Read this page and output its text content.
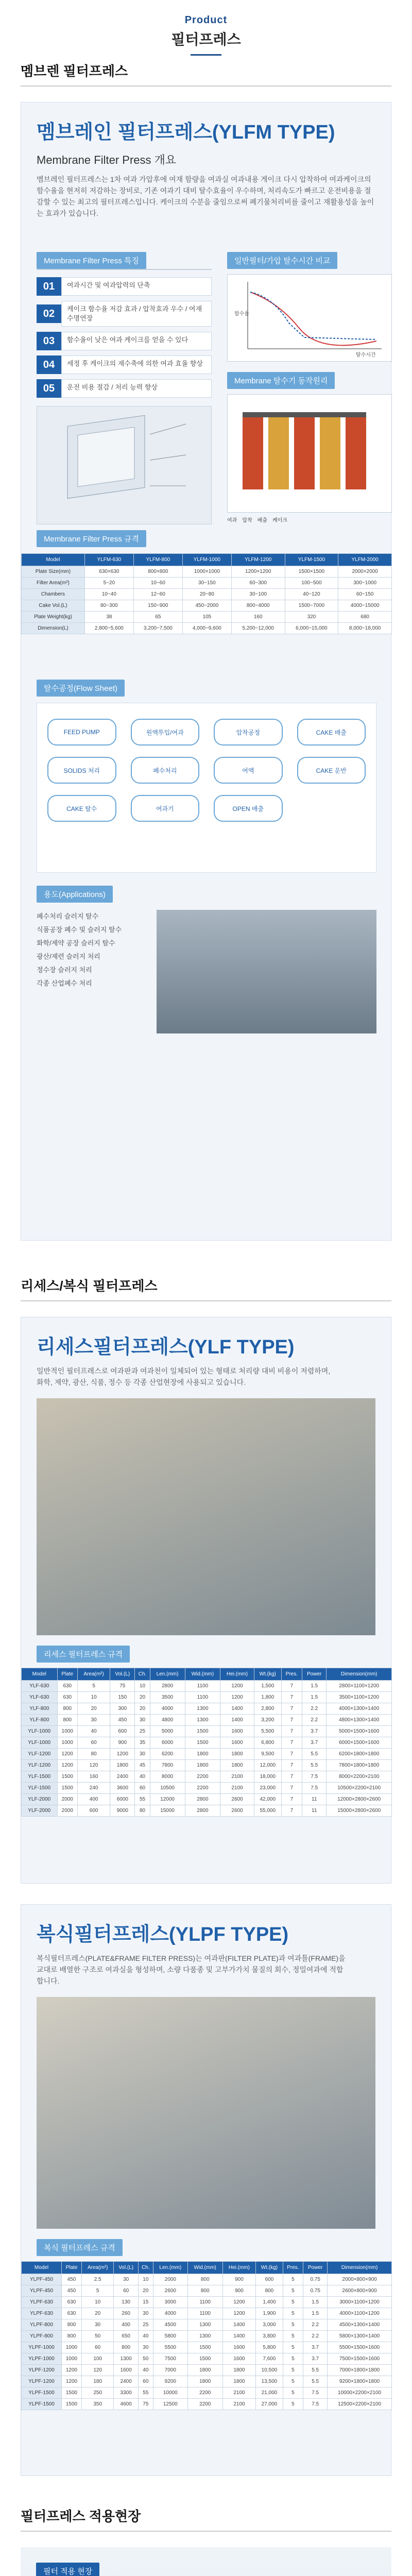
Product
필터프레스
멤브렌 필터프레스
멤브레인 필터프레스(YLFM TYPE)
Membrane Filter Press 개요
멤브레인 필터프레스는 1차 여과 가압후에 여재 함량을 여과실 여과내용 게이크 다시 압착하여 여과케이크의 함수율을 현저히 저감하는 장비로, 기존 여과기 대비 탈수효율이 우수하며, 처리속도가 빠르고 운전비용을 절감할 수 있는 최고의 필터프레스입니다. 케이크의 수분을 줄임으로써 폐기물처리비를 줄이고 재활용성을 높이는 효과가 있습니다.
Membrane Filter Press 특징
01	여과시간 및 여과압력의 단축
02	케이크 함수율 저감 효과 / 압착효과 우수 / 여재 수명연장
03	함수율이 낮은 여과 케이크를 얻을 수 있다
04	세정 후 케이크의 재수축에 의한 여과 효율 향상
05	운전 비용 절감 / 처리 능력 향상
일반필터/가압 탈수시간 비교
함수율
탈수시간
Membrane 탈수기 동작원리
여과 압착 배출 케이크
Membrane Filter Press 규격
Model	YLFM-630	YLFM-800	YLFM-1000	YLFM-1200	YLFM-1500	YLFM-2000
Plate Size(mm)	630×630	800×800	1000×1000	1200×1200	1500×1500	2000×2000
Filter Area(m²)	5~20	10~60	30~150	60~300	100~500	300~1000
Chambers	10~40	12~60	20~80	30~100	40~120	60~150
Cake Vol.(L)	80~300	150~900	450~2000	800~4000	1500~7000	4000~15000
Plate Weight(kg)	38	65	105	160	320	680
Dimension(L)	2,800~5,600	3,200~7,500	4,000~9,600	5,200~12,000	6,000~15,000	8,000~18,000
탈수공정(Flow Sheet)
FEED PUMP	원액투입/여과	압착공정	CAKE 배출
SOLIDS 처리	폐수처리	여액	CAKE 운반
CAKE 탈수	여과기	OPEN 배출
용도(Applications)
폐수처리 슬러지 탈수
식품공장 폐수 및 슬러지 탈수
화학/제약 공장 슬러지 탈수
광산/제련 슬러지 처리
정수장 슬러지 처리
각종 산업폐수 처리
리세스/복식 필터프레스
리세스필터프레스(YLF TYPE)
일반적인 필터프레스로 여과판과 여과천이 일체되어 있는 형태로 처리량 대비 비용이 저렴하며, 화학, 제약, 광산, 식품, 정수 등 각종 산업현장에 사용되고 있습니다.
리세스 필터프레스 규격
Model	Plate	Area(m²)	Vol.(L)	Ch.	Len.(mm)	Wid.(mm)	Hei.(mm)	Wt.(kg)	Pres.	Power	Dimension(mm)
YLF-630	630	5	75	10	2800	1100	1200	1,500	7	1.5	2800×1100×1200
YLF-630	630	10	150	20	3500	1100	1200	1,800	7	1.5	3500×1100×1200
YLF-800	800	20	300	20	4000	1300	1400	2,800	7	2.2	4000×1300×1400
YLF-800	800	30	450	30	4800	1300	1400	3,200	7	2.2	4800×1300×1400
YLF-1000	1000	40	600	25	5000	1500	1600	5,500	7	3.7	5000×1500×1600
YLF-1000	1000	60	900	35	6000	1500	1600	6,800	7	3.7	6000×1500×1600
YLF-1200	1200	80	1200	30	6200	1800	1800	9,500	7	5.5	6200×1800×1800
YLF-1200	1200	120	1800	45	7800	1800	1800	12,000	7	5.5	7800×1800×1800
YLF-1500	1500	160	2400	40	8000	2200	2100	18,000	7	7.5	8000×2200×2100
YLF-1500	1500	240	3600	60	10500	2200	2100	23,000	7	7.5	10500×2200×2100
YLF-2000	2000	400	6000	55	12000	2800	2600	42,000	7	11	12000×2800×2600
YLF-2000	2000	600	9000	80	15000	2800	2600	55,000	7	11	15000×2800×2600
복식필터프레스(YLPF TYPE)
복식필터프레스(PLATE&FRAME FILTER PRESS)는 여과판(FILTER PLATE)과 여과틀(FRAME)을 교대로 배열한 구조로 여과실을 형성하며, 소량 다품종 및 고부가가치 물질의 회수, 정밀여과에 적합합니다.
복식 필터프레스 규격
Model	Plate	Area(m²)	Vol.(L)	Ch.	Len.(mm)	Wid.(mm)	Hei.(mm)	Wt.(kg)	Pres.	Power	Dimension(mm)
YLPF-450	450	2.5	30	10	2000	800	900	600	5	0.75	2000×800×900
YLPF-450	450	5	60	20	2600	800	900	800	5	0.75	2600×800×900
YLPF-630	630	10	130	15	3000	1100	1200	1,400	5	1.5	3000×1100×1200
YLPF-630	630	20	260	30	4000	1100	1200	1,900	5	1.5	4000×1100×1200
YLPF-800	800	30	400	25	4500	1300	1400	3,000	5	2.2	4500×1300×1400
YLPF-800	800	50	650	40	5800	1300	1400	3,800	5	2.2	5800×1300×1400
YLPF-1000	1000	60	800	30	5500	1500	1600	5,800	5	3.7	5500×1500×1600
YLPF-1000	1000	100	1300	50	7500	1500	1600	7,600	5	3.7	7500×1500×1600
YLPF-1200	1200	120	1600	40	7000	1800	1800	10,500	5	5.5	7000×1800×1800
YLPF-1200	1200	180	2400	60	9200	1800	1800	13,500	5	5.5	9200×1800×1800
YLPF-1500	1500	250	3300	55	10000	2200	2100	21,000	5	7.5	10000×2200×2100
YLPF-1500	1500	350	4600	75	12500	2200	2100	27,000	5	7.5	12500×2200×2100
필터프레스 적용현장
필터 적용 현장
